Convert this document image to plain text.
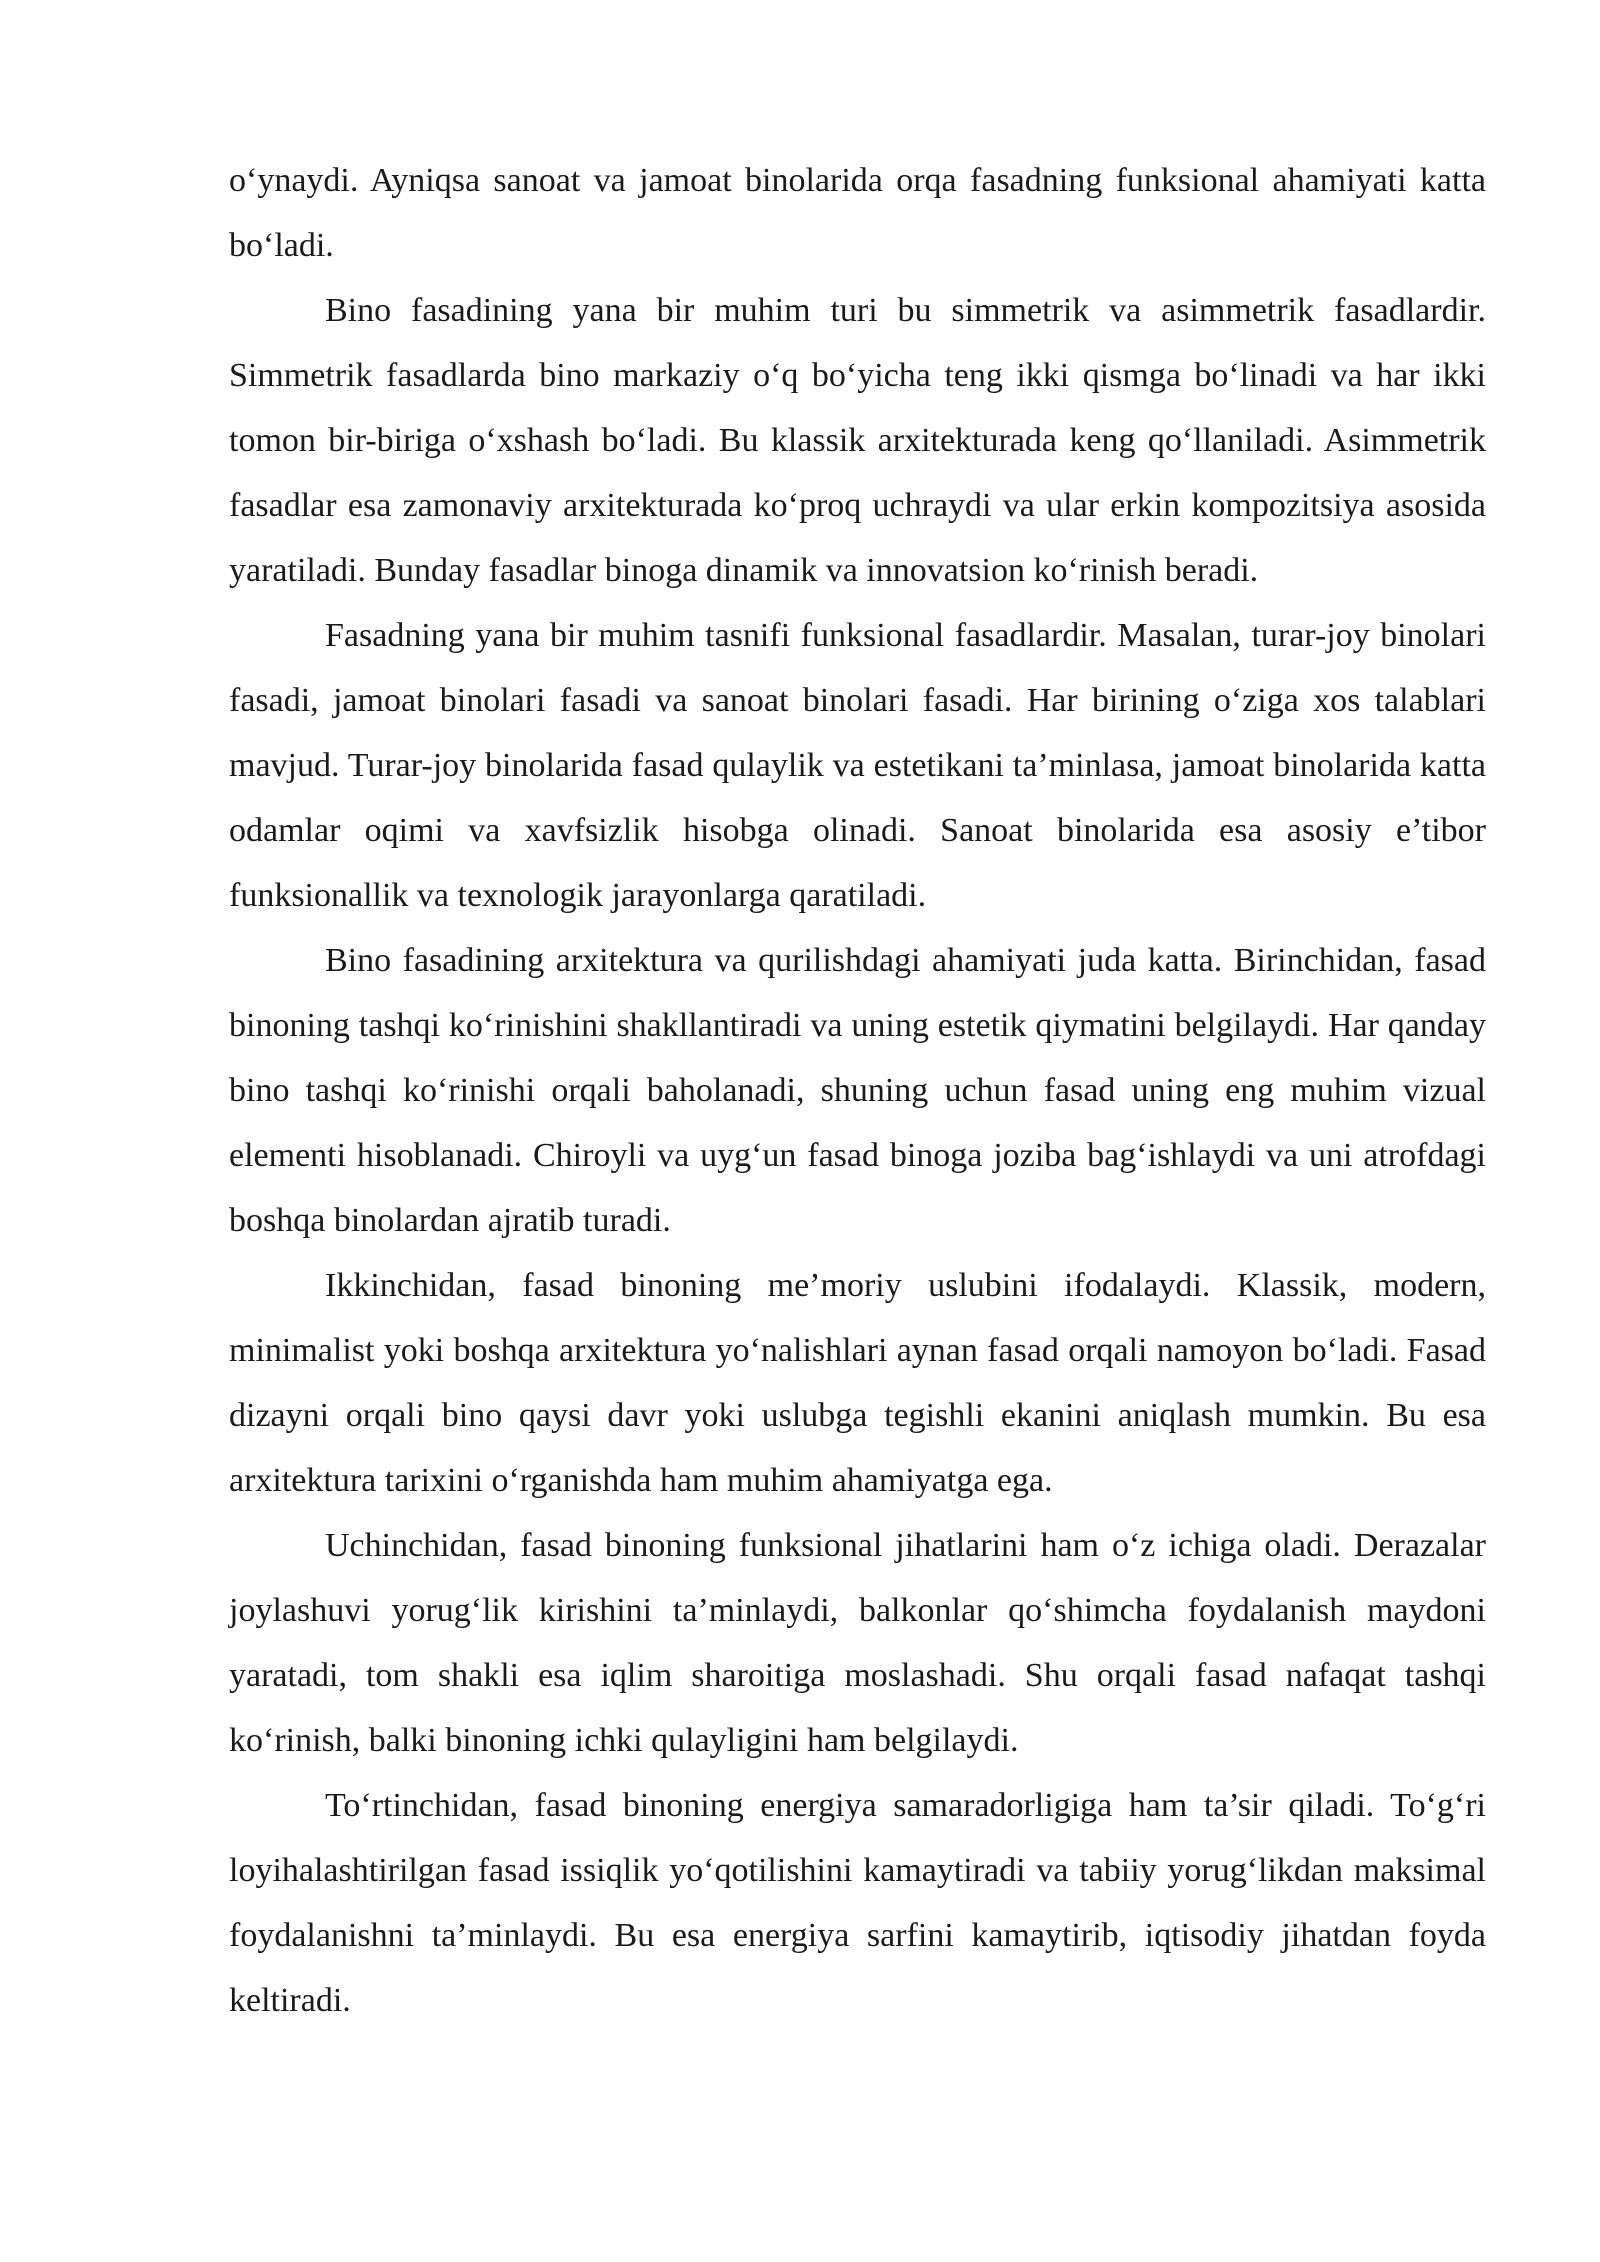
o‘ynaydi. Ayniqsa sanoat va jamoat binolarida orqa fasadning funksional ahamiyati katta bo‘ladi.

Bino fasadining yana bir muhim turi bu simmetrik va asimmetrik fasadlardir. Simmetrik fasadlarda bino markaziy o‘q bo‘yicha teng ikki qismga bo‘linadi va har ikki tomon bir-biriga o‘xshash bo‘ladi. Bu klassik arxitekturada keng qo‘llaniladi. Asimmetrik fasadlar esa zamonaviy arxitekturada ko‘proq uchraydi va ular erkin kompozitsiya asosida yaratiladi. Bunday fasadlar binoga dinamik va innovatsion ko‘rinish beradi.

Fasadning yana bir muhim tasnifi funksional fasadlardir. Masalan, turar-joy binolari fasadi, jamoat binolari fasadi va sanoat binolari fasadi. Har birining o‘ziga xos talablari mavjud. Turar-joy binolarida fasad qulaylik va estetikani ta’minlasa, jamoat binolarida katta odamlar oqimi va xavfsizlik hisobga olinadi. Sanoat binolarida esa asosiy e’tibor funksionallik va texnologik jarayonlarga qaratiladi.

Bino fasadining arxitektura va qurilishdagi ahamiyati juda katta. Birinchidan, fasad binoning tashqi ko‘rinishini shakllantiradi va uning estetik qiymatini belgilaydi. Har qanday bino tashqi ko‘rinishi orqali baholanadi, shuning uchun fasad uning eng muhim vizual elementi hisoblanadi. Chiroyli va uyg‘un fasad binoga joziba bag‘ishlaydi va uni atrofdagi boshqa binolardan ajratib turadi.

Ikkinchidan, fasad binoning me’moriy uslubini ifodalaydi. Klassik, modern, minimalist yoki boshqa arxitektura yo‘nalishlari aynan fasad orqali namoyon bo‘ladi. Fasad dizayni orqali bino qaysi davr yoki uslubga tegishli ekanini aniqlash mumkin. Bu esa arxitektura tarixini o‘rganishda ham muhim ahamiyatga ega.

Uchinchidan, fasad binoning funksional jihatlarini ham o‘z ichiga oladi. Derazalar joylashuvi yorug‘lik kirishini ta’minlaydi, balkonlar qo‘shimcha foydalanish maydoni yaratadi, tom shakli esa iqlim sharoitiga moslashadi. Shu orqali fasad nafaqat tashqi ko‘rinish, balki binoning ichki qulayligini ham belgilaydi.

To‘rtinchidan, fasad binoning energiya samaradorligiga ham ta’sir qiladi. To‘g‘ri loyihalashtirilgan fasad issiqlik yo‘qotilishini kamaytiradi va tabiiy yorug‘likdan maksimal foydalanishni ta’minlaydi. Bu esa energiya sarfini kamaytirib, iqtisodiy jihatdan foyda keltiradi.
